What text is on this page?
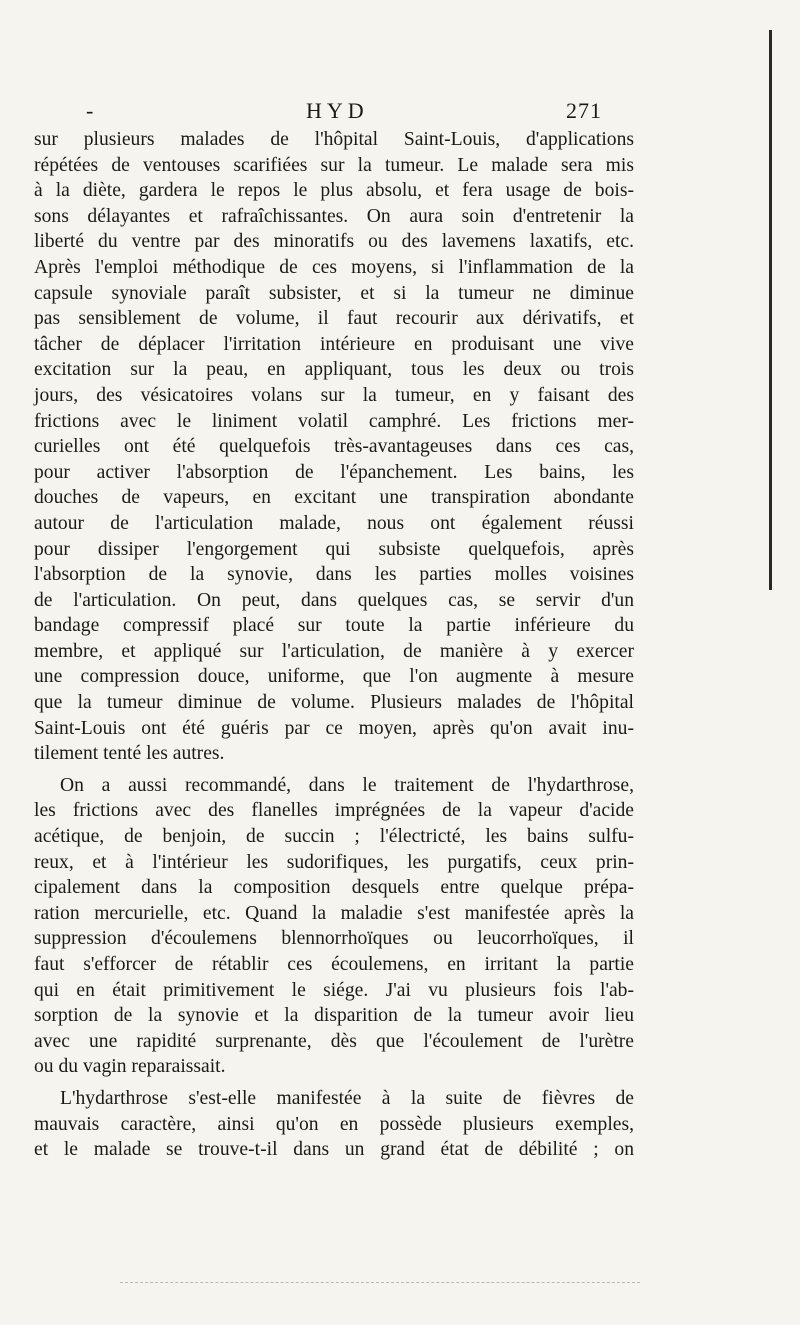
-	HYD	271
sur plusieurs malades de l'hôpital Saint-Louis, d'applications
répétées de ventouses scarifiées sur la tumeur. Le malade sera mis
à la diète, gardera le repos le plus absolu, et fera usage de bois-
sons délayantes et rafraîchissantes. On aura soin d'entretenir la
liberté du ventre par des minoratifs ou des lavemens laxatifs, etc.
Après l'emploi méthodique de ces moyens, si l'inflammation de la
capsule synoviale paraît subsister, et si la tumeur ne diminue
pas sensiblement de volume, il faut recourir aux dérivatifs, et
tâcher de déplacer l'irritation intérieure en produisant une vive
excitation sur la peau, en appliquant, tous les deux ou trois
jours, des vésicatoires volans sur la tumeur, en y faisant des
frictions avec le liniment volatil camphré. Les frictions mer-
curielles ont été quelquefois très-avantageuses dans ces cas,
pour activer l'absorption de l'épanchement. Les bains, les
douches de vapeurs, en excitant une transpiration abondante
autour de l'articulation malade, nous ont également réussi
pour dissiper l'engorgement qui subsiste quelquefois, après
l'absorption de la synovie, dans les parties molles voisines
de l'articulation. On peut, dans quelques cas, se servir d'un
bandage compressif placé sur toute la partie inférieure du
membre, et appliqué sur l'articulation, de manière à y exercer
une compression douce, uniforme, que l'on augmente à mesure
que la tumeur diminue de volume. Plusieurs malades de l'hôpital
Saint-Louis ont été guéris par ce moyen, après qu'on avait inu-
tilement tenté les autres.
On a aussi recommandé, dans le traitement de l'hydarthrose,
les frictions avec des flanelles imprégnées de la vapeur d'acide
acétique, de benjoin, de succin ; l'électricté, les bains sulfu-
reux, et à l'intérieur les sudorifiques, les purgatifs, ceux prin-
cipalement dans la composition desquels entre quelque prépa-
ration mercurielle, etc. Quand la maladie s'est manifestée après la
suppression d'écoulemens blennorrhoïques ou leucorrhoïques, il
faut s'efforcer de rétablir ces écoulemens, en irritant la partie
qui en était primitivement le siége. J'ai vu plusieurs fois l'ab-
sorption de la synovie et la disparition de la tumeur avoir lieu
avec une rapidité surprenante, dès que l'écoulement de l'urètre
ou du vagin reparaissait.
L'hydarthrose s'est-elle manifestée à la suite de fièvres de
mauvais caractère, ainsi qu'on en possède plusieurs exemples,
et le malade se trouve-t-il dans un grand état de débilité ; on
